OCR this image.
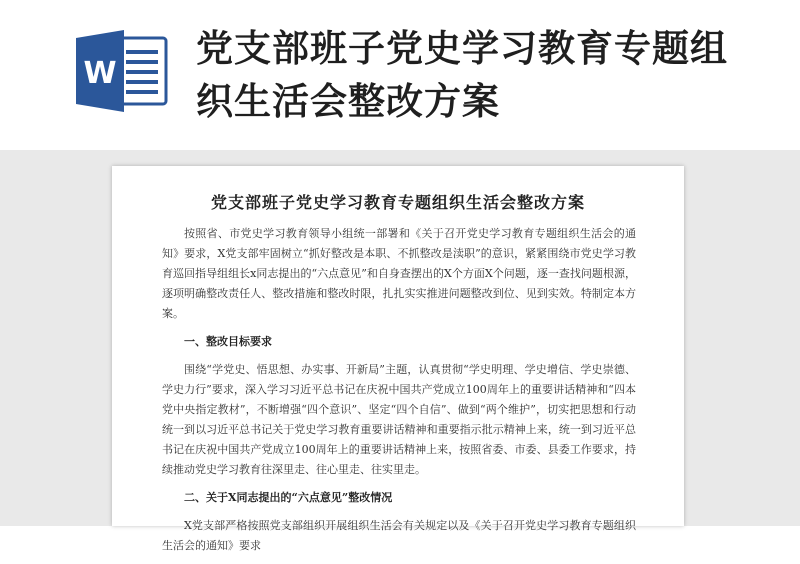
W
党支部班子党史学习教育专题组
织生活会整改方案
党支部班子党史学习教育专题组织生活会整改方案

按照省、市党史学习教育领导小组统一部署和《关于召开党史学习教育专题组织生活会的通知》要求，X党支部牢固树立“抓好整改是本职、不抓整改是渎职”的意识，紧紧围绕市党史学习教育巡回指导组组长x同志提出的“六点意见”和自身查摆出的X个方面X个问题，逐一查找问题根源，逐项明确整改责任人、整改措施和整改时限，扎扎实实推进问题整改到位、见到实效。特制定本方案。

一、整改目标要求

围绕“学党史、悟思想、办实事、开新局”主题，认真贯彻“学史明理、学史增信、学史崇德、学史力行”要求，深入学习习近平总书记在庆祝中国共产党成立100周年上的重要讲话精神和“四本党中央指定教材”，不断增强“四个意识”、坚定“四个自信”、做到“两个维护”，切实把思想和行动统一到以习近平总书记关于党史学习教育重要讲话精神和重要指示批示精神上来，统一到习近平总书记在庆祝中国共产党成立100周年上的重要讲话精神上来，按照省委、市委、县委工作要求，持续推动党史学习教育往深里走、往心里走、往实里走。

二、关于X同志提出的“六点意见”整改情况

X党支部严格按照党支部组织开展组织生活会有关规定以及《关于召开党史学习教育专题组织生活会的通知》要求
